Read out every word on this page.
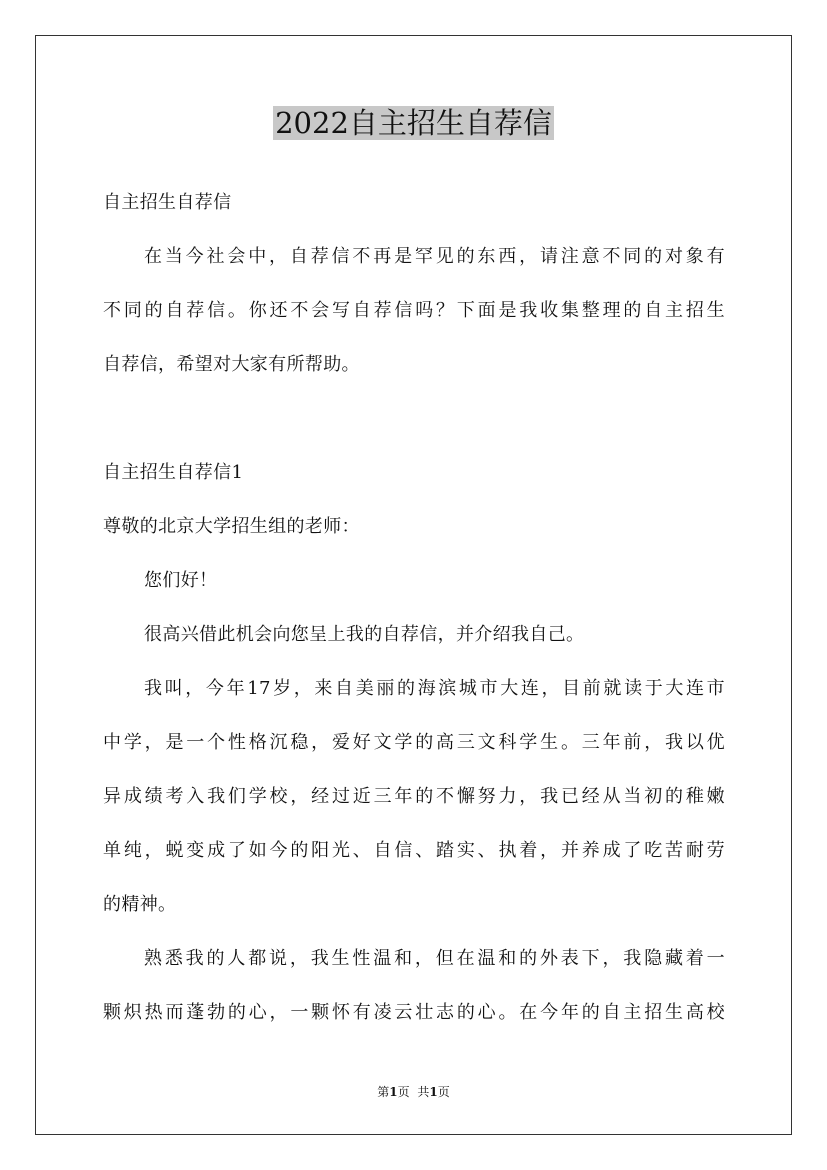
2022自主招生自荐信

自主招生自荐信

在当今社会中，自荐信不再是罕见的东西，请注意不同的对象有

不同的自荐信。你还不会写自荐信吗？下面是我收集整理的自主招生

自荐信，希望对大家有所帮助。

自主招生自荐信1

尊敬的北京大学招生组的老师：

您们好！

很高兴借此机会向您呈上我的自荐信，并介绍我自己。

我叫，今年17岁，来自美丽的海滨城市大连，目前就读于大连市

中学，是一个性格沉稳，爱好文学的高三文科学生。三年前，我以优

异成绩考入我们学校，经过近三年的不懈努力，我已经从当初的稚嫩

单纯，蜕变成了如今的阳光、自信、踏实、执着，并养成了吃苦耐劳

的精神。

熟悉我的人都说，我生性温和，但在温和的外表下，我隐藏着一

颗炽热而蓬勃的心，一颗怀有凌云壮志的心。在今年的自主招生高校

第1页 共1页
